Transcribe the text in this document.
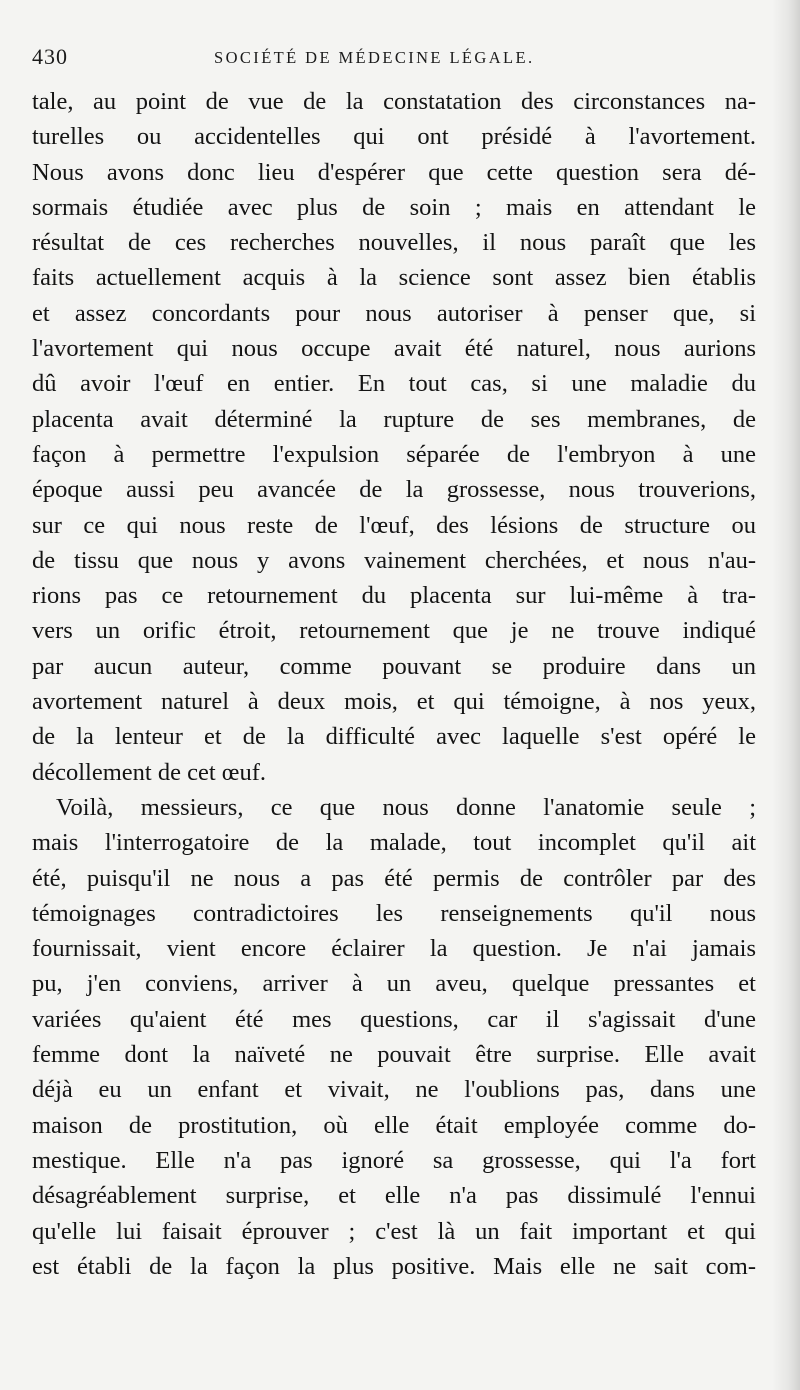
430	SOCIÉTÉ DE MÉDECINE LÉGALE.
tale, au point de vue de la constatation des circonstances na-
turelles ou accidentelles qui ont présidé à l'avortement.
Nous avons donc lieu d'espérer que cette question sera dé-
sormais étudiée avec plus de soin ; mais en attendant le
résultat de ces recherches nouvelles, il nous paraît que les
faits actuellement acquis à la science sont assez bien établis
et assez concordants pour nous autoriser à penser que, si
l'avortement qui nous occupe avait été naturel, nous aurions
dû avoir l'œuf en entier. En tout cas, si une maladie du
placenta avait déterminé la rupture de ses membranes, de
façon à permettre l'expulsion séparée de l'embryon à une
époque aussi peu avancée de la grossesse, nous trouverions,
sur ce qui nous reste de l'œuf, des lésions de structure ou
de tissu que nous y avons vainement cherchées, et nous n'au-
rions pas ce retournement du placenta sur lui-même à tra-
vers un orific étroit, retournement que je ne trouve indiqué
par aucun auteur, comme pouvant se produire dans un
avortement naturel à deux mois, et qui témoigne, à nos yeux,
de la lenteur et de la difficulté avec laquelle s'est opéré le
décollement de cet œuf.
Voilà, messieurs, ce que nous donne l'anatomie seule ;
mais l'interrogatoire de la malade, tout incomplet qu'il ait
été, puisqu'il ne nous a pas été permis de contrôler par des
témoignages contradictoires les renseignements qu'il nous
fournissait, vient encore éclairer la question. Je n'ai jamais
pu, j'en conviens, arriver à un aveu, quelque pressantes et
variées qu'aient été mes questions, car il s'agissait d'une
femme dont la naïveté ne pouvait être surprise. Elle avait
déjà eu un enfant et vivait, ne l'oublions pas, dans une
maison de prostitution, où elle était employée comme do-
mestique. Elle n'a pas ignoré sa grossesse, qui l'a fort
désagréablement surprise, et elle n'a pas dissimulé l'ennui
qu'elle lui faisait éprouver ; c'est là un fait important et qui
est établi de la façon la plus positive. Mais elle ne sait com-
